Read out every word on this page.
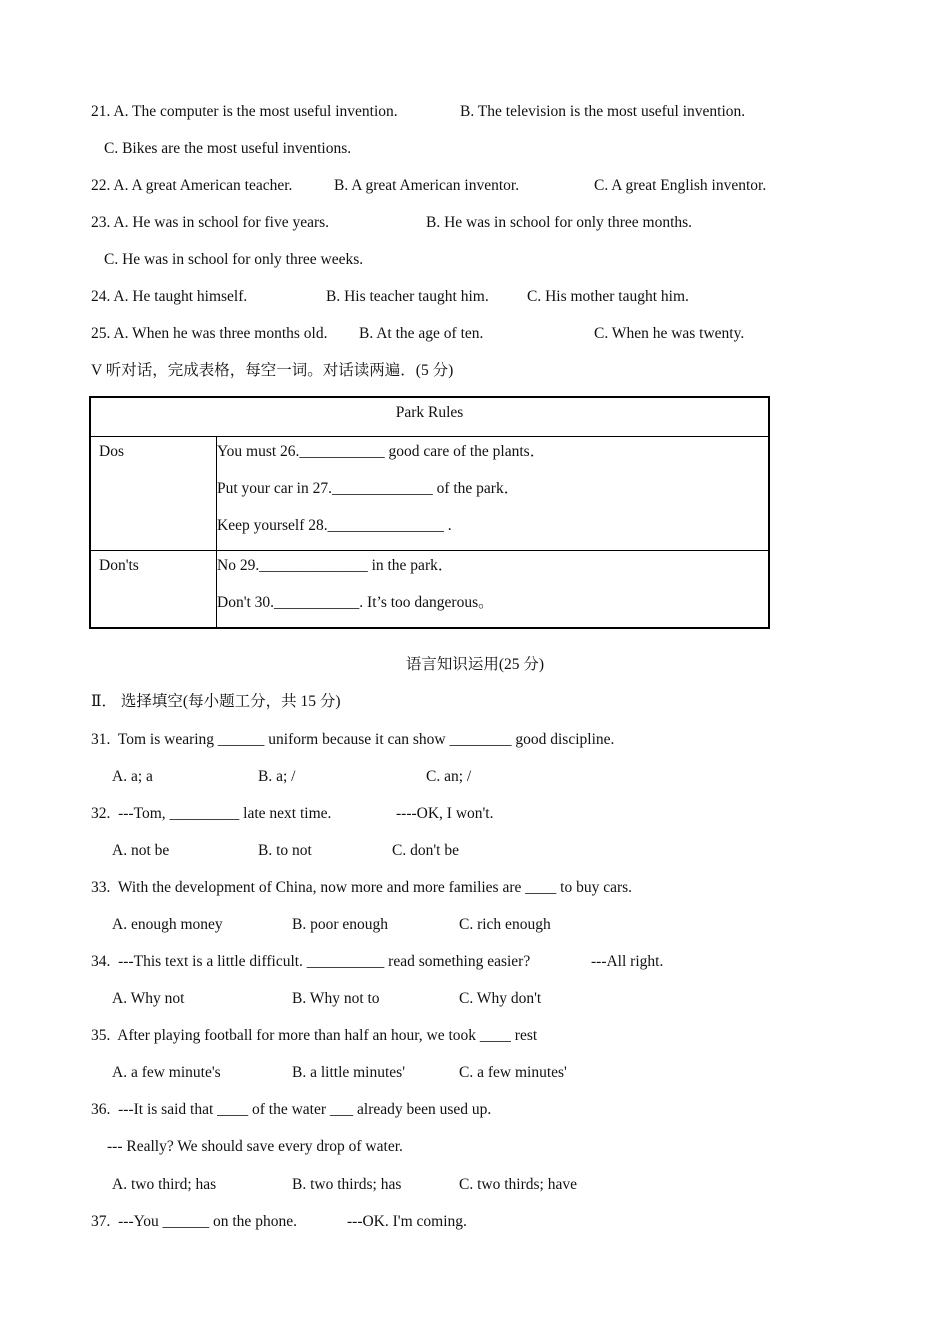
21. A. The computer is the most useful invention.	B. The television is the most useful invention.
C. Bikes are the most useful inventions.
22. A. A great American teacher.	B. A great American inventor.	C. A great English inventor.
23. A. He was in school for five years.	B. He was in school for only three months.
C. He was in school for only three weeks.
24. A. He taught himself.	B. His teacher taught him. C. His mother taught him.
25. A. When he was three months old. B. At the age of ten.	C. When he was twenty.
V 听对话，完成表格，每空一词。对话读两遍．(5 分)
Park Rules	
Dos	You must 26.___________ good care of the plants．
Put your car in 27._____________ of the park．
Keep yourself 28._______________ .

Don'ts	No 29.______________ in the park．
Don't 30.___________. It’s too dangerous。
语言知识运用(25 分)
Ⅱ． 选择填空(每小题工分，共 15 分)
31.  Tom is wearing ______ uniform because it can show ________ good discipline.
A. a; a	B. a; /	C. an; /
32.  ---Tom, _________ late next time.	----OK, I won't.
A. not be	B. to not	C. don't be
33.  With the development of China, now more and more families are ____ to buy cars.
A. enough money	B. poor enough	C. rich enough
34.  ---This text is a little difficult. __________ read something easier?	---All right.
A. Why not	B. Why not to	C. Why don't
35.  After playing football for more than half an hour, we took ____ rest
A. a few minute's	B. a little minutes'	C. a few minutes'
36.  ---It is said that ____ of the water ___ already been used up.
--- Really? We should save every drop of water.
A. two third; has	B. two thirds; has	C. two thirds; have
37.  ---You ______ on the phone.	---OK. I'm coming.
